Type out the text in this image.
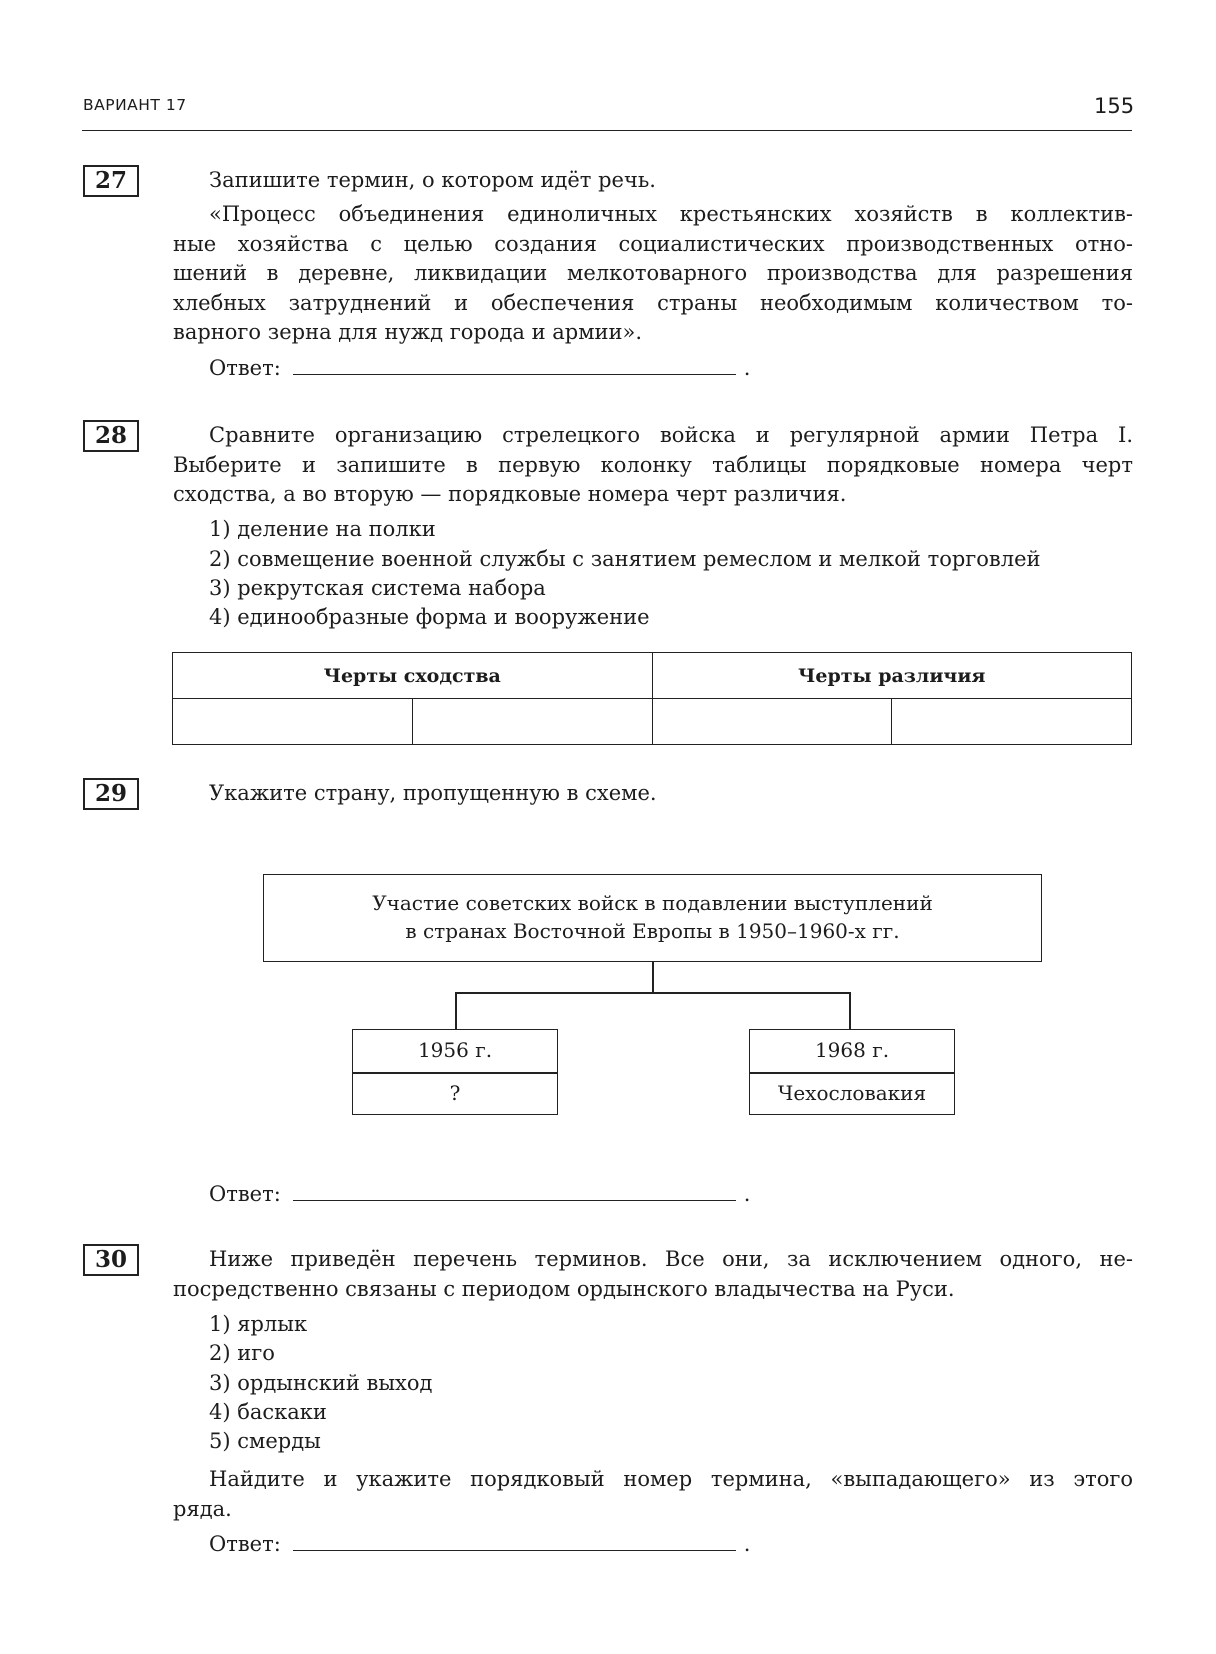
ВАРИАНТ 17	155
27	Запишите термин, о котором идёт речь.
«Процесс объединения единоличных крестьянских хозяйств в коллектив-
ные хозяйства с целью создания социалистических производственных отно-
шений в деревне, ликвидации мелкотоварного производства для разрешения
хлебных затруднений и обеспечения страны необходимым количеством то-
варного зерна для нужд города и армии».
Ответ:	.
28	Сравните организацию стрелецкого войска и регулярной армии Петра I.
Выберите и запишите в первую колонку таблицы порядковые номера черт
сходства, а во вторую — порядковые номера черт различия.
1) деление на полки
2) совмещение военной службы с занятием ремеслом и мелкой торговлей
3) рекрутская система набора
4) единообразные форма и вооружение
Черты сходства		Черты различия	

29	Укажите страну, пропущенную в схеме.
Участие советских войск в подавлении выступлений
в странах Восточной Европы в 1950–1960-х гг.
1956 г.
?
1968 г.
Чехословакия
Ответ:	.
30	Ниже приведён перечень терминов. Все они, за исключением одного, не-
посредственно связаны с периодом ордынского владычества на Руси.
1) ярлык
2) иго
3) ордынский выход
4) баскаки
5) смерды
Найдите и укажите порядковый номер термина, «выпадающего» из этого
ряда.
Ответ:	.
